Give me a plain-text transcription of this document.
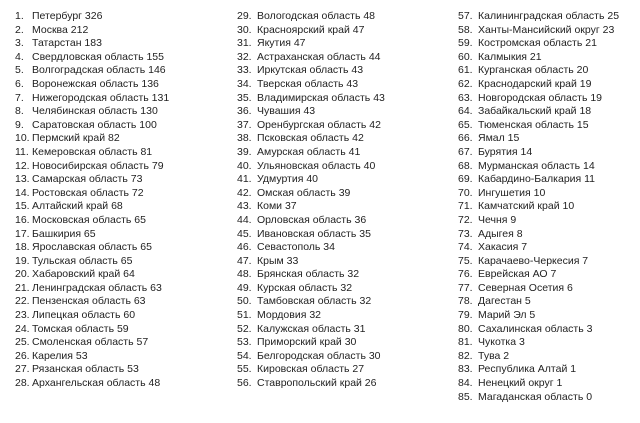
1. Петербург 326
2. Москва 212
3. Татарстан 183
4. Свердловская область 155
5. Волгоградская область 146
6. Воронежская область 136
7. Нижегородская область 131
8. Челябинская область 130
9. Саратовская область 100
10. Пермский край 82
11. Кемеровская область 81
12. Новосибирская область 79
13. Самарская область 73
14. Ростовская область 72
15. Алтайский край 68
16. Московская область 65
17. Башкирия 65
18. Ярославская область 65
19. Тульская область 65
20. Хабаровский край 64
21. Ленинградская область 63
22. Пензенская область 63
23. Липецкая область 60
24. Томская область 59
25. Смоленская область 57
26. Карелия 53
27. Рязанская область 53
28. Архангельская область 48
29. Вологодская область 48
30. Красноярский край 47
31. Якутия 47
32. Астраханская область 44
33. Иркутская область 43
34. Тверская область 43
35. Владимирская область 43
36. Чувашия 43
37. Оренбургская область 42
38. Псковская область 42
39. Амурская область 41
40. Ульяновская область 40
41. Удмуртия 40
42. Омская область 39
43. Коми 37
44. Орловская область 36
45. Ивановская область 35
46. Севастополь 34
47. Крым 33
48. Брянская область 32
49. Курская область 32
50. Тамбовская область 32
51. Мордовия 32
52. Калужская область 31
53. Приморский край 30
54. Белгородская область 30
55. Кировская область 27
56. Ставропольский край 26
57. Калининградская область 25
58. Ханты-Мансийский округ 23
59. Костромская область 21
60. Калмыкия 21
61. Курганская область 20
62. Краснодарский край 19
63. Новгородская область 19
64. Забайкальский край 18
65. Тюменская область 15
66. Ямал 15
67. Бурятия 14
68. Мурманская область 14
69. Кабардино-Балкария 11
70. Ингушетия 10
71. Камчатский край 10
72. Чечня 9
73. Адыгея 8
74. Хакасия 7
75. Карачаево-Черкесия 7
76. Еврейская АО 7
77. Северная Осетия 6
78. Дагестан 5
79. Марий Эл 5
80. Сахалинская область 3
81. Чукотка 3
82. Тува 2
83. Республика Алтай 1
84. Ненецкий округ 1
85. Магаданская область 0
